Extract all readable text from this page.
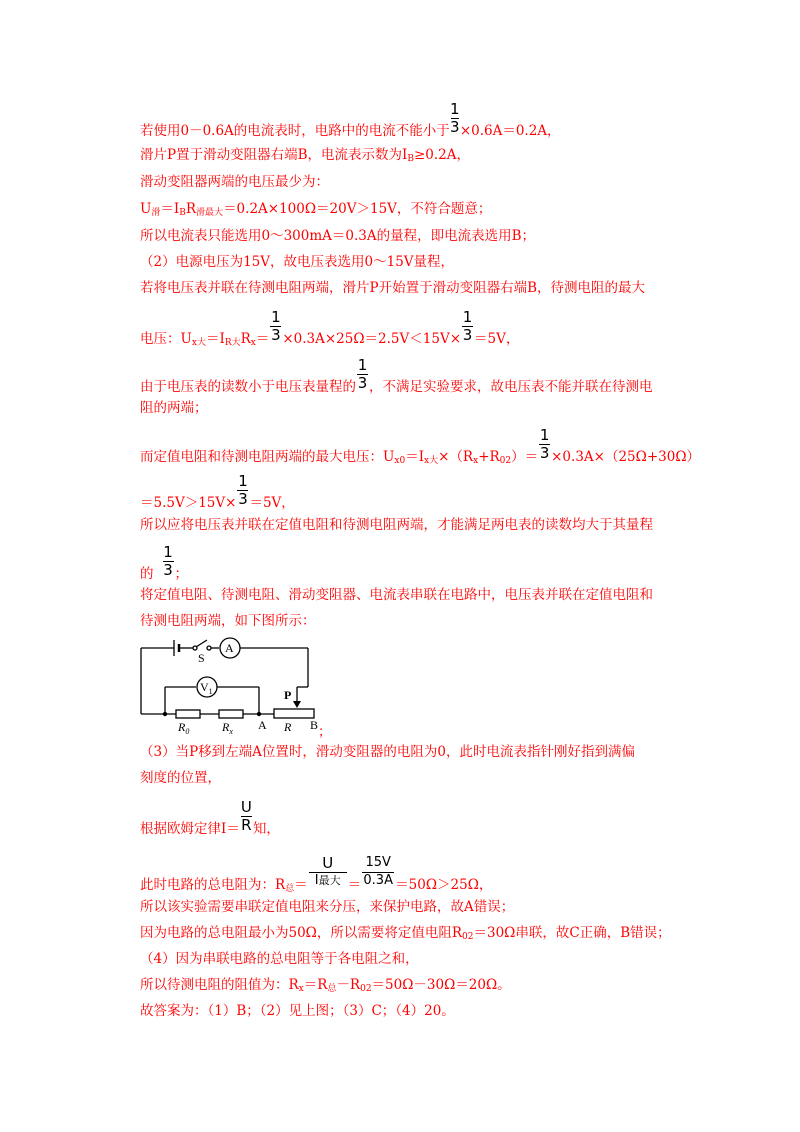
若使用0－0.6A的电流表时，电路中的电流不能小于 $\frac{1}{3} \times 0.6A=0.2A$，
滑片P置于滑动变阻器右端B，电流表示数为$I_B\ge 0.2A$，
滑动变阻器两端的电压最少为：
$U_滑=I_BR_{滑最大}=0.2A\times 100\Omega=20V>15V$，不符合题意；
所以电流表只能选用0～300mA＝0.3A的量程，即电流表选用B；
（2）电源电压为15V，故电压表选用0～15V量程，
若将电压表并联在待测电阻两端，滑片P开始置于滑动变阻器右端B，待测电阻的最大
电压：$U_{x大}=I_{R大}R_x= \frac{1}{3} \times 0.3A\times 25\Omega=2.5V<15V\times \frac{1}{3} =5V$，
由于电压表的读数小于电压表量程的 $\frac{1}{3}$ ，不满足实验要求，故电压表不能并联在待测电
阻的两端；
而定值电阻和待测电阻两端的最大电压：$U_{x0}=I_{x大}\times(R_x+R_{02})= \frac{1}{3} \times 0.3A\times(25\Omega+30\Omega)$
$=5.5V>15V\times \frac{1}{3} =5V$，
所以应将电压表并联在定值电阻和待测电阻两端，才能满足两电表的读数均大于其量程
的 $\frac{1}{3}$ ；
将定值电阻、待测电阻、滑动变阻器、电流表串联在电路中，电压表并联在定值电阻和
待测电阻两端，如下图所示：
S
A
$V_1$
$R_0$	$R_x$
P
R
A	B ；
（3）当P移到左端A位置时，滑动变阻器的电阻为0，此时电流表指针刚好指到满偏
刻度的位置，
根据欧姆定律$I= \frac{U}{R}$ 知，
此时电路的总电阻为：$R_总= \frac{U}{\text{I最大}} = \frac{15V}{0.3A} =50\Omega>25\Omega$，
所以该实验需要串联定值电阻来分压，来保护电路，故A错误；
因为电路的总电阻最小为50Ω，所以需要将定值电阻$R_{02}=30\Omega$串联，故C正确，B错误；
（4）因为串联电路的总电阻等于各电阻之和，
所以待测电阻的阻值为：$R_x=R_总-R_{02}=50\Omega-30\Omega=20\Omega$。
故答案为：（1）B；（2）见上图；（3）C；（4）20。
